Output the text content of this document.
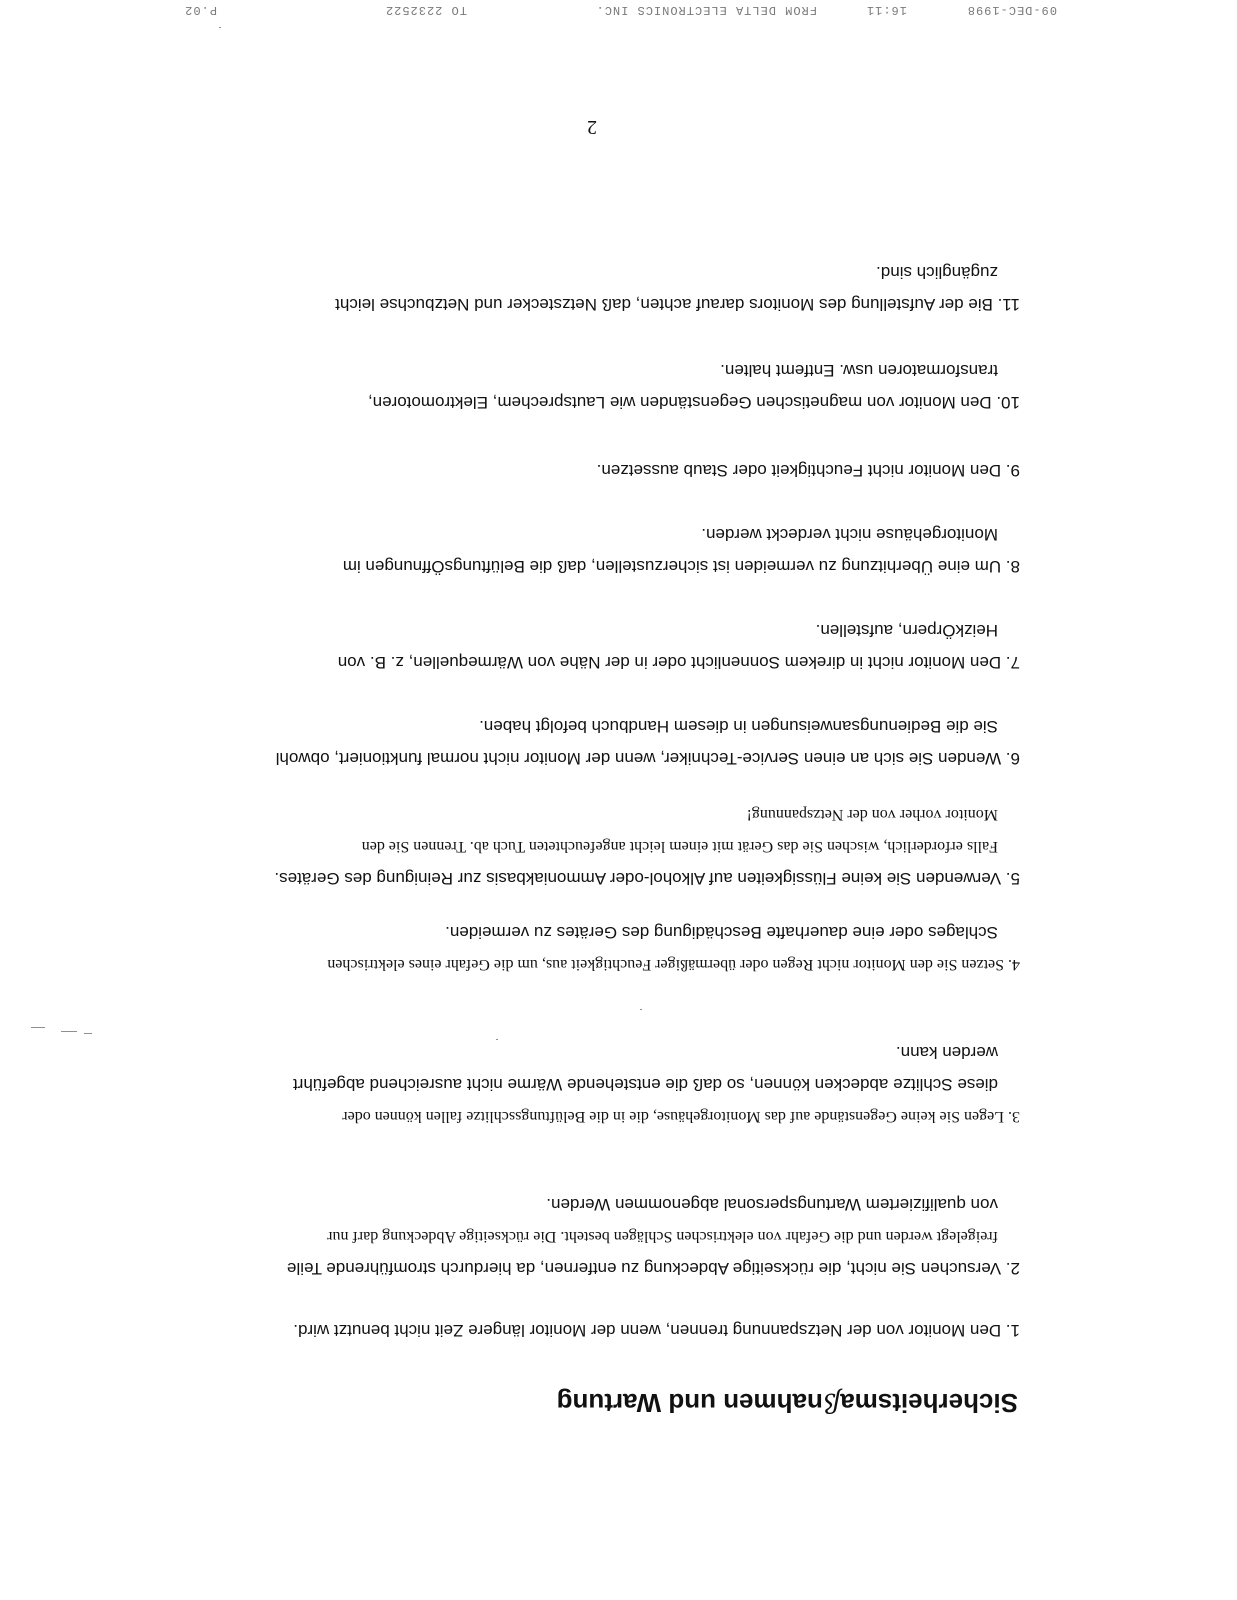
09-DEC-1998
16:11
FROM DELTA ELECTRONICS INC.
TO 2232522
P.02
Sicherheitsmaßnahmen und Wartung
1. Den Monitor von der Netzspannung trennen, wenn der Monitor längere Zeit nicht benutzt wird.
2. Versuchen Sie nicht, die rückseitige Abdeckung zu entfernen, da hierdurch stromführende Teile
freigelegt werden und die Gefahr von elektrischen Schlägen besteht. Die rückseitige Abdeckung darf nur
von qualifiziertem Wartungspersonal abgenommen Werden.
3. Legen Sie keine Gegenstände auf das Monitorgehäuse, die in die Belüftungsschlitze fallen können oder
diese Schlitze abdecken können, so daß die entstehende Wärme nicht ausreichend abgeführt
werden kann.
4. Setzen Sie den Monitor nicht Regen oder übermäßiger Feuchtigkeit aus, um die Gefahr eines elektrischen
Schlages oder eine dauerhafte Beschädigung des Gerätes zu vermeiden.
5. Verwenden Sie keine Flüssigkeiten auf Alkohol-oder Ammoniakbasis zur Reinigung des Gerätes.
Falls erforderlich, wischen Sie das Gerät mit einem leicht angefeuchteten Tuch ab. Trennen Sie den
Monitor vorher von der Netzspannung!
6. Wenden Sie sich an einen Service-Techniker, wenn der Monitor nicht normal funktioniert, obwohl
Sie die Bedienungsanweisungen in diesem Handbuch befolgt haben.
7. Den Monitor nicht in direkem Sonnenlicht oder in der Nähe von Wärmequellen, z. B. von
HeizkÖrpern, aufstellen.
8. Um eine Überhitzung zu vermeiden ist sicherzustellen, daß die BelüftungsÖffnungen im
Monitorgehäuse nicht verdeckt werden.
9. Den Monitor nicht Feuchtigkeit oder Staub aussetzen.
10. Den Monitor von magnetischen Gegenständen wie Lautsprechem, Elektromotoren,
transformatoren usw. Entfemt halten.
11. Bie der Aufstellung des Monitors darauf achten, daß Netzstecker und Netzbuchse leicht
zugänglich sind.

2
